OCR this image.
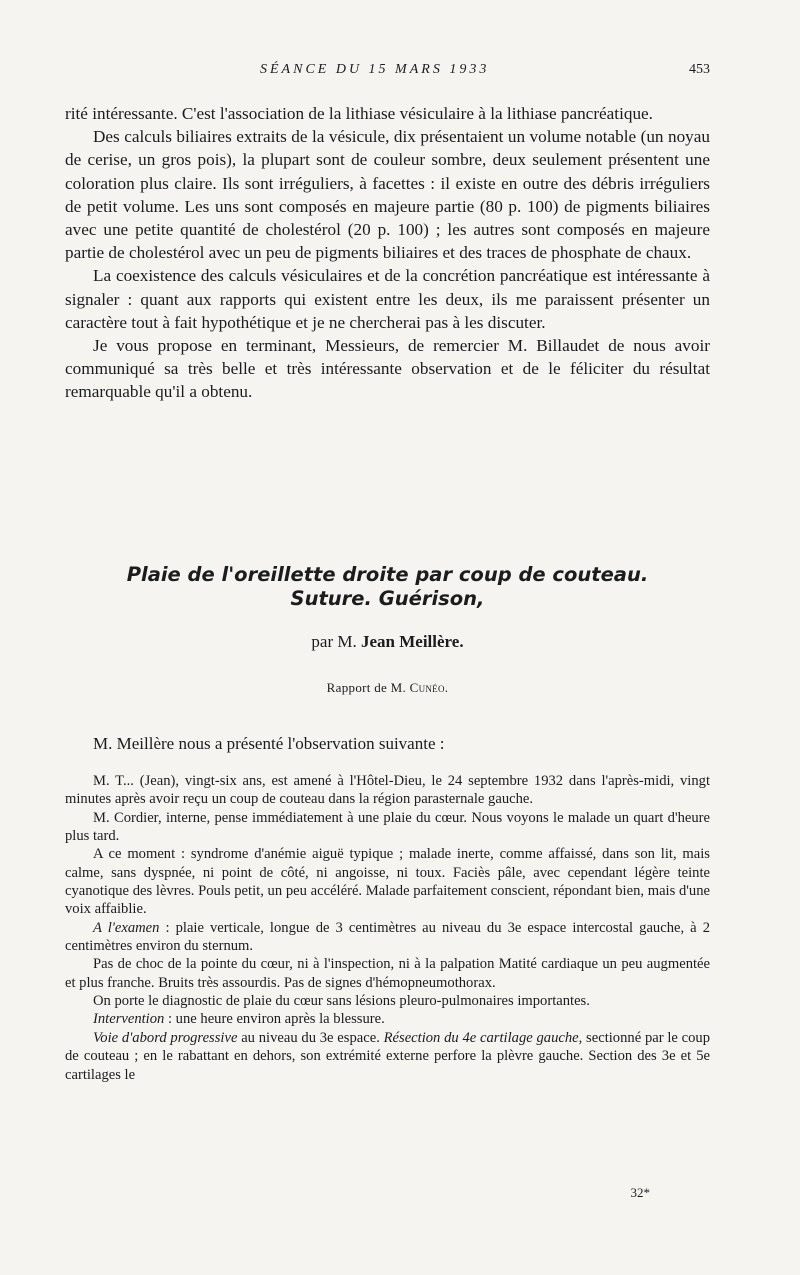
SÉANCE DU 15 MARS 1933	453

rité intéressante. C'est l'association de la lithiase vésiculaire à la lithiase pancréatique.

Des calculs biliaires extraits de la vésicule, dix présentaient un volume notable (un noyau de cerise, un gros pois), la plupart sont de couleur sombre, deux seulement présentent une coloration plus claire. Ils sont irréguliers, à facettes : il existe en outre des débris irréguliers de petit volume. Les uns sont composés en majeure partie (80 p. 100) de pigments biliaires avec une petite quantité de cholestérol (20 p. 100) ; les autres sont composés en majeure partie de cholestérol avec un peu de pigments biliaires et des traces de phosphate de chaux.

La coexistence des calculs vésiculaires et de la concrétion pancréatique est intéressante à signaler : quant aux rapports qui existent entre les deux, ils me paraissent présenter un caractère tout à fait hypothétique et je ne chercherai pas à les discuter.

Je vous propose en terminant, Messieurs, de remercier M. Billaudet de nous avoir communiqué sa très belle et très intéressante observation et de le féliciter du résultat remarquable qu'il a obtenu.

Plaie de l'oreillette droite par coup de couteau.
Suture. Guérison,
par M. Jean Meillère.
Rapport de M. Cunéo.
M. Meillère nous a présenté l'observation suivante :

M. T... (Jean), vingt-six ans, est amené à l'Hôtel-Dieu, le 24 septembre 1932 dans l'après-midi, vingt minutes après avoir reçu un coup de couteau dans la région parasternale gauche.

M. Cordier, interne, pense immédiatement à une plaie du cœur. Nous voyons le malade un quart d'heure plus tard.

A ce moment : syndrome d'anémie aiguë typique ; malade inerte, comme affaissé, dans son lit, mais calme, sans dyspnée, ni point de côté, ni angoisse, ni toux. Faciès pâle, avec cependant légère teinte cyanotique des lèvres. Pouls petit, un peu accéléré. Malade parfaitement conscient, répondant bien, mais d'une voix affaiblie.

A l'examen : plaie verticale, longue de 3 centimètres au niveau du 3e espace intercostal gauche, à 2 centimètres environ du sternum.

Pas de choc de la pointe du cœur, ni à l'inspection, ni à la palpation Matité cardiaque un peu augmentée et plus franche. Bruits très assourdis. Pas de signes d'hémopneumothorax.

On porte le diagnostic de plaie du cœur sans lésions pleuro-pulmonaires importantes.

Intervention : une heure environ après la blessure.

Voie d'abord progressive au niveau du 3e espace. Résection du 4e cartilage gauche, sectionné par le coup de couteau ; en le rabattant en dehors, son extrémité externe perfore la plèvre gauche. Section des 3e et 5e cartilages le

32*
